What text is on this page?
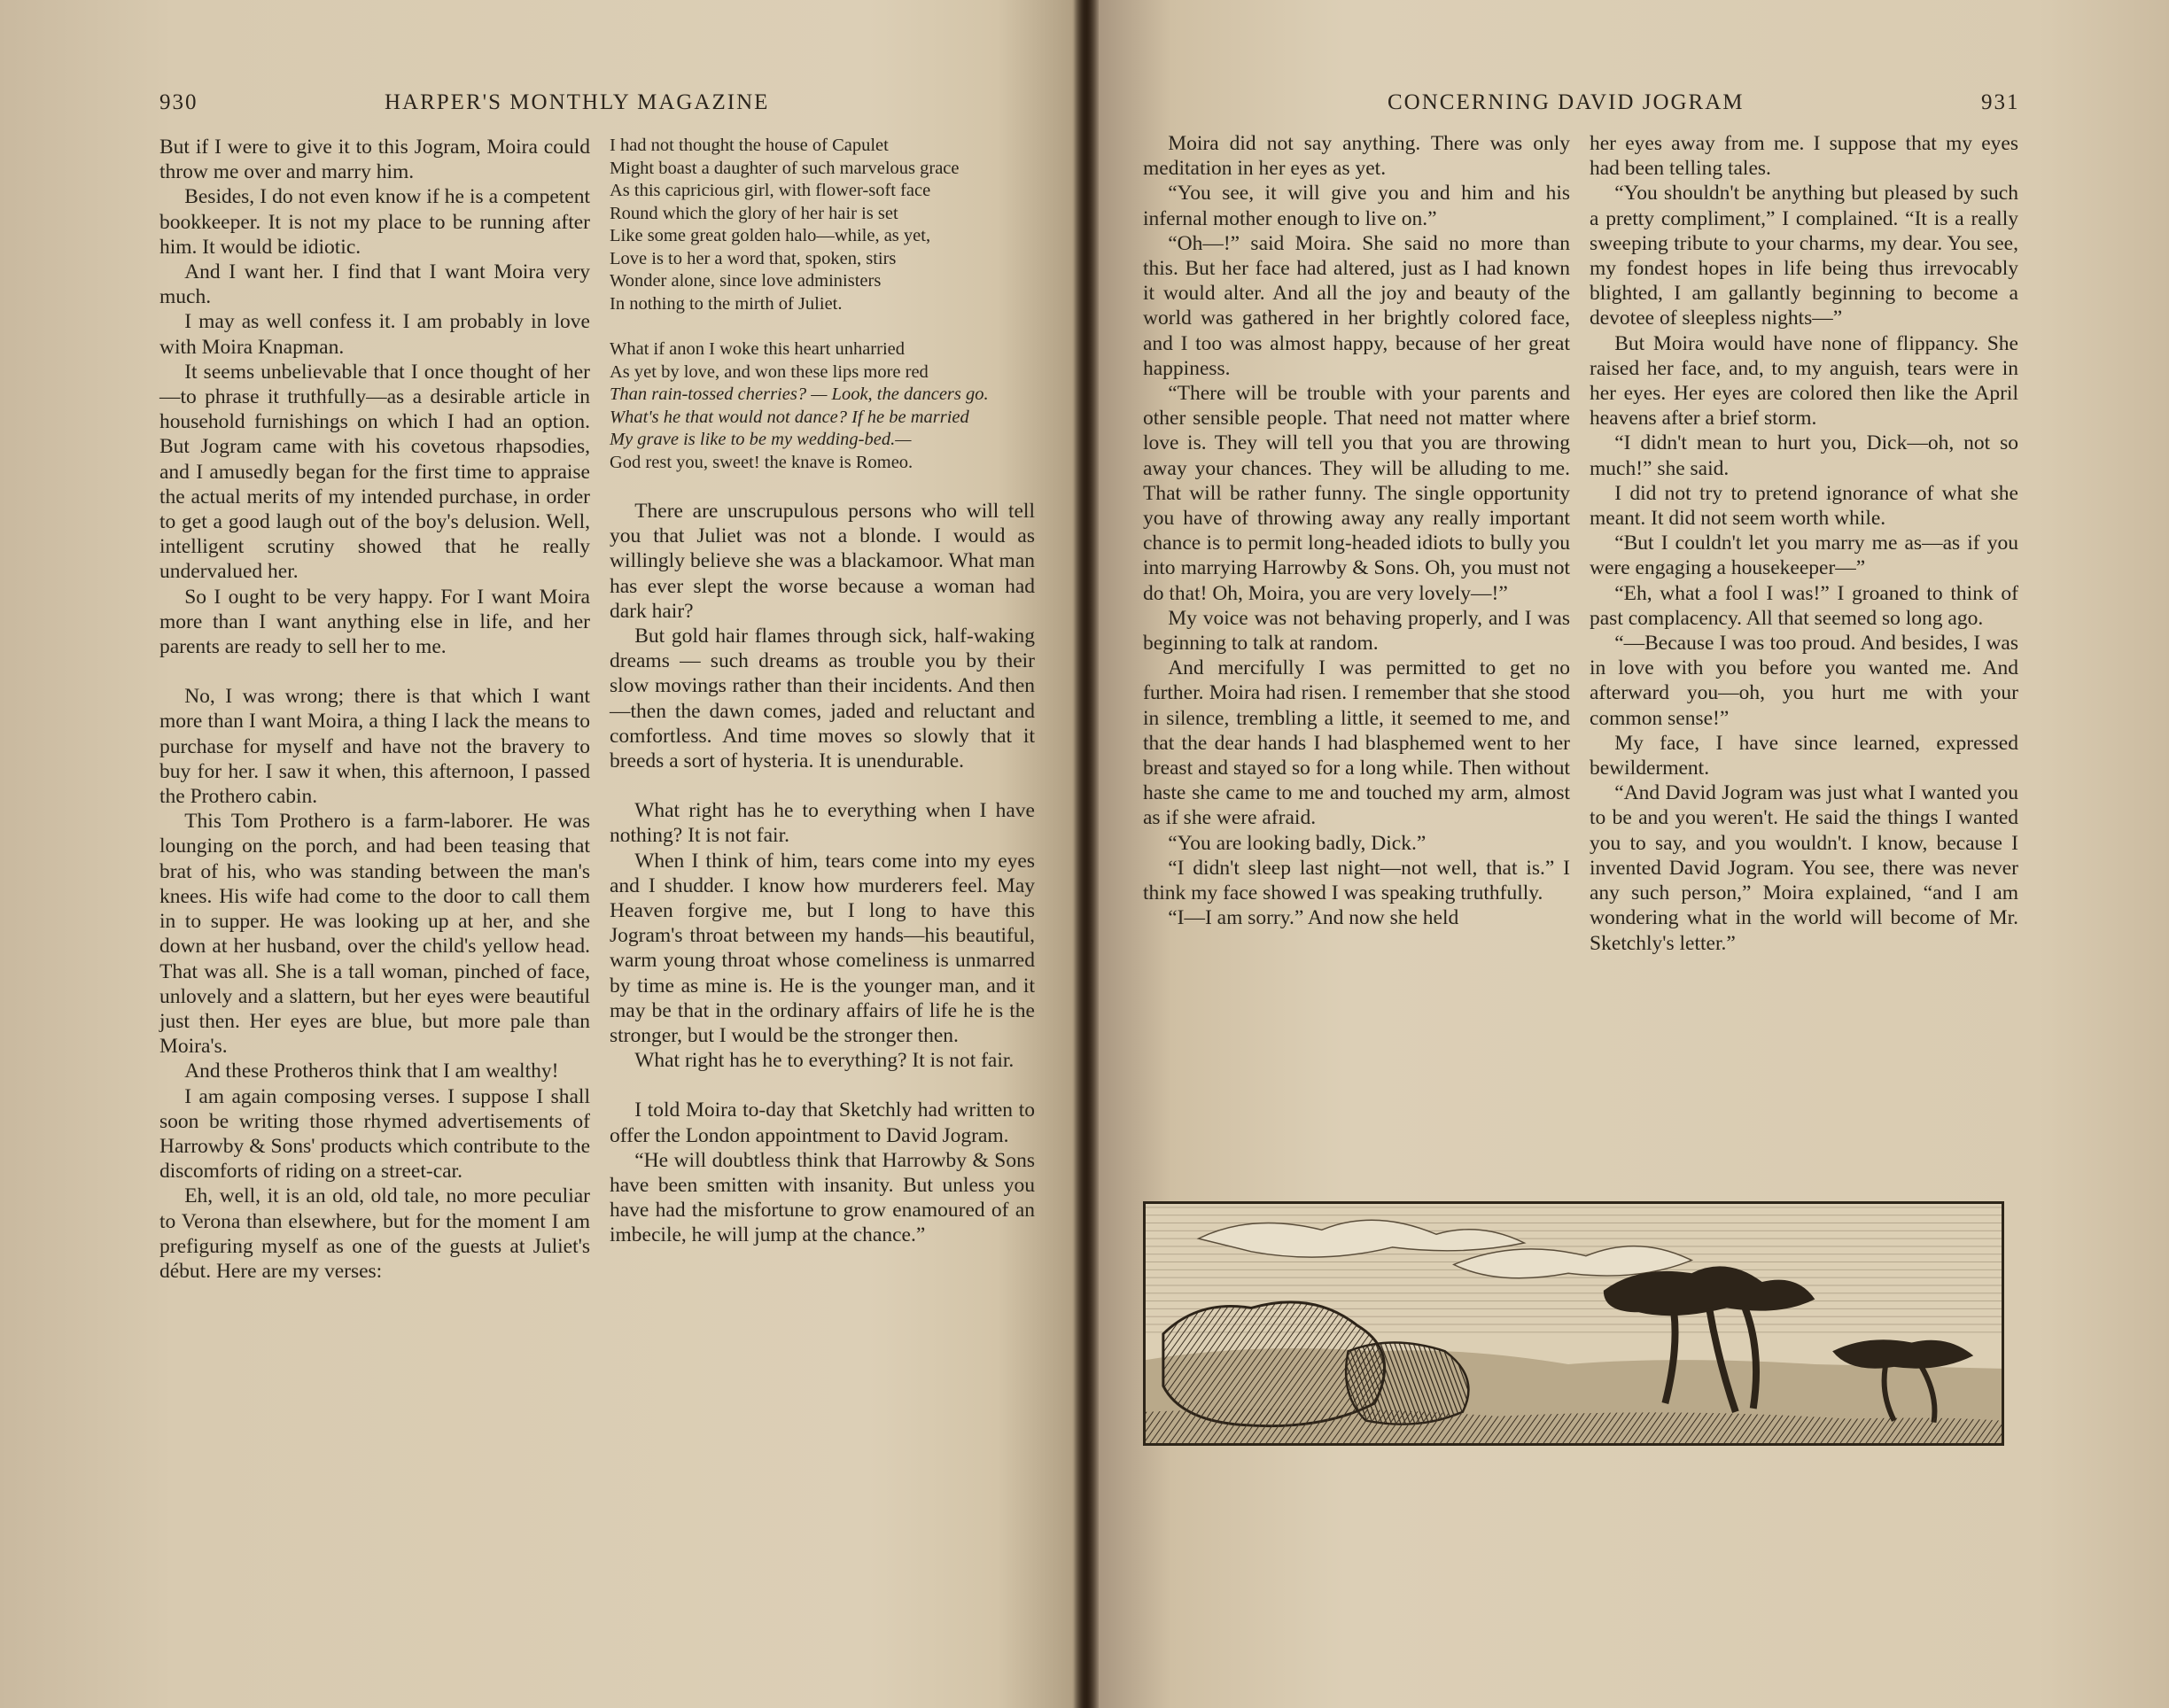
930	HARPER'S MONTHLY MAGAZINE

But if I were to give it to this Jogram, Moira could throw me over and marry him.

Besides, I do not even know if he is a competent bookkeeper. It is not my place to be running after him. It would be idiotic.

And I want her. I find that I want Moira very much.

I may as well confess it. I am probably in love with Moira Knapman.

It seems unbelievable that I once thought of her—to phrase it truthfully—as a desirable article in household furnishings on which I had an option. But Jogram came with his covetous rhapsodies, and I amusedly began for the first time to appraise the actual merits of my intended purchase, in order to get a good laugh out of the boy's delusion. Well, intelligent scrutiny showed that he really undervalued her.

So I ought to be very happy. For I want Moira more than I want anything else in life, and her parents are ready to sell her to me.

No, I was wrong; there is that which I want more than I want Moira, a thing I lack the means to purchase for myself and have not the bravery to buy for her. I saw it when, this afternoon, I passed the Prothero cabin.

This Tom Prothero is a farm-laborer. He was lounging on the porch, and had been teasing that brat of his, who was standing between the man's knees. His wife had come to the door to call them in to supper. He was looking up at her, and she down at her husband, over the child's yellow head. That was all. She is a tall woman, pinched of face, unlovely and a slattern, but her eyes were beautiful just then. Her eyes are blue, but more pale than Moira's.

And these Protheros think that I am wealthy!

I am again composing verses. I suppose I shall soon be writing those rhymed advertisements of Harrowby & Sons' products which contribute to the discomforts of riding on a street-car.

Eh, well, it is an old, old tale, no more peculiar to Verona than elsewhere, but for the moment I am prefiguring myself as one of the guests at Juliet's début. Here are my verses:

I had not thought the house of Capulet
Might boast a daughter of such marvelous grace
As this capricious girl, with flower-soft face
Round which the glory of her hair is set
Like some great golden halo—while, as yet,
Love is to her a word that, spoken, stirs
Wonder alone, since love administers
In nothing to the mirth of Juliet.
What if anon I woke this heart unharried
As yet by love, and won these lips more red
Than rain-tossed cherries? — Look, the dancers go.
What's he that would not dance? If he be married
My grave is like to be my wedding-bed.—
God rest you, sweet! the knave is Romeo.

There are unscrupulous persons who will tell you that Juliet was not a blonde. I would as willingly believe she was a blackamoor. What man has ever slept the worse because a woman had dark hair?

But gold hair flames through sick, half-waking dreams — such dreams as trouble you by their slow movings rather than their incidents. And then—then the dawn comes, jaded and reluctant and comfortless. And time moves so slowly that it breeds a sort of hysteria. It is unendurable.

What right has he to everything when I have nothing? It is not fair.

When I think of him, tears come into my eyes and I shudder. I know how murderers feel. May Heaven forgive me, but I long to have this Jogram's throat between my hands—his beautiful, warm young throat whose comeliness is unmarred by time as mine is. He is the younger man, and it may be that in the ordinary affairs of life he is the stronger, but I would be the stronger then.

What right has he to everything? It is not fair.

I told Moira to-day that Sketchly had written to offer the London appointment to David Jogram.

“He will doubtless think that Harrowby & Sons have been smitten with insanity. But unless you have had the misfortune to grow enamoured of an imbecile, he will jump at the chance.”

CONCERNING DAVID JOGRAM	931

Moira did not say anything. There was only meditation in her eyes as yet.

“You see, it will give you and him and his infernal mother enough to live on.”

“Oh—!” said Moira. She said no more than this. But her face had altered, just as I had known it would alter. And all the joy and beauty of the world was gathered in her brightly colored face, and I too was almost happy, because of her great happiness.

“There will be trouble with your parents and other sensible people. That need not matter where love is. They will tell you that you are throwing away your chances. They will be alluding to me. That will be rather funny. The single opportunity you have of throwing away any really important chance is to permit long-headed idiots to bully you into marrying Harrowby & Sons. Oh, you must not do that! Oh, Moira, you are very lovely—!”

My voice was not behaving properly, and I was beginning to talk at random.

And mercifully I was permitted to get no further. Moira had risen. I remember that she stood in silence, trembling a little, it seemed to me, and that the dear hands I had blasphemed went to her breast and stayed so for a long while. Then without haste she came to me and touched my arm, almost as if she were afraid.

“You are looking badly, Dick.”

“I didn't sleep last night—not well, that is.” I think my face showed I was speaking truthfully.

“I—I am sorry.” And now she held

her eyes away from me. I suppose that my eyes had been telling tales.

“You shouldn't be anything but pleased by such a pretty compliment,” I complained. “It is a really sweeping tribute to your charms, my dear. You see, my fondest hopes in life being thus irrevocably blighted, I am gallantly beginning to become a devotee of sleepless nights—”

But Moira would have none of flippancy. She raised her face, and, to my anguish, tears were in her eyes. Her eyes are colored then like the April heavens after a brief storm.

“I didn't mean to hurt you, Dick—oh, not so much!” she said.

I did not try to pretend ignorance of what she meant. It did not seem worth while.

“But I couldn't let you marry me as—as if you were engaging a housekeeper—”

“Eh, what a fool I was!” I groaned to think of past complacency. All that seemed so long ago.

“—Because I was too proud. And besides, I was in love with you before you wanted me. And afterward you—oh, you hurt me with your common sense!”

My face, I have since learned, expressed bewilderment.

“And David Jogram was just what I wanted you to be and you weren't. He said the things I wanted you to say, and you wouldn't. I know, because I invented David Jogram. You see, there was never any such person,” Moira explained, “and I am wondering what in the world will become of Mr. Sketchly's letter.”
